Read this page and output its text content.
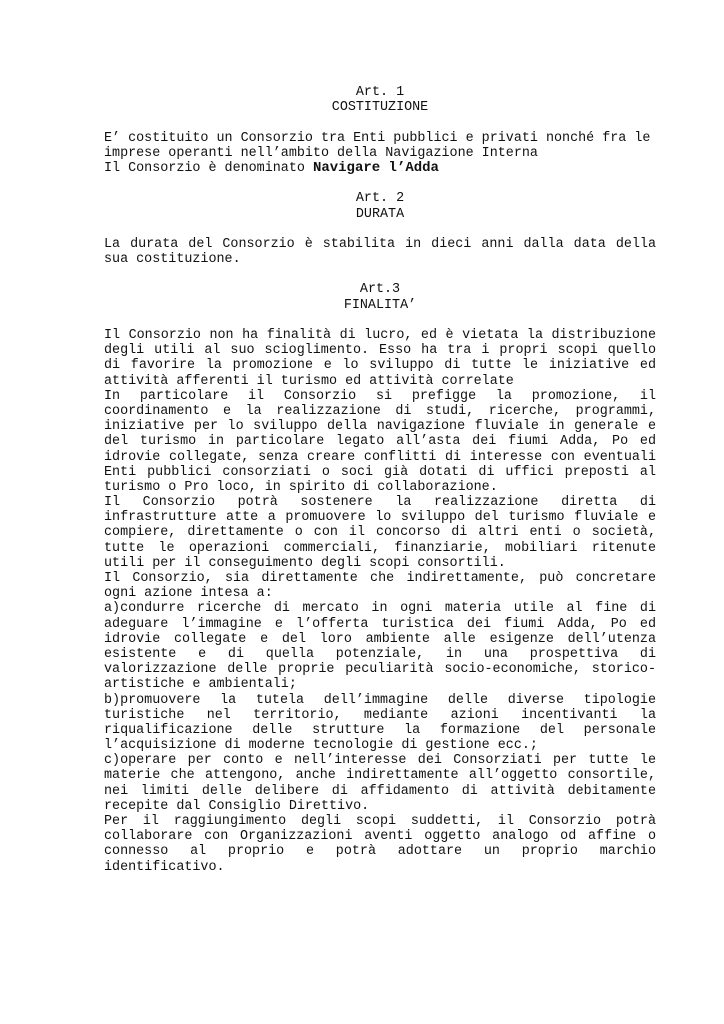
Art. 1
COSTITUZIONE
E’ costituito un Consorzio tra Enti pubblici e privati nonché fra le
imprese operanti nell’ambito della Navigazione Interna
Il Consorzio è denominato Navigare l’Adda
Art. 2
DURATA
La durata del Consorzio è stabilita in dieci anni dalla data della
sua costituzione.
Art.3
FINALITA’
Il Consorzio non ha finalità di lucro, ed è vietata la distribuzione
degli utili al suo scioglimento. Esso ha tra i propri scopi quello
di favorire la promozione e lo sviluppo di tutte le iniziative ed
attività afferenti il turismo ed attività correlate
In particolare il Consorzio si prefigge la promozione, il
coordinamento e la realizzazione di studi, ricerche, programmi,
iniziative per lo sviluppo della navigazione fluviale in generale e
del turismo in particolare legato all’asta dei fiumi Adda, Po ed
idrovie collegate, senza creare conflitti di interesse con eventuali
Enti pubblici consorziati o soci già dotati di uffici preposti al
turismo o Pro loco, in spirito di collaborazione.
Il Consorzio potrà sostenere la realizzazione diretta di
infrastrutture atte a promuovere lo sviluppo del turismo fluviale e
compiere, direttamente o con il concorso di altri enti o società,
tutte le operazioni commerciali, finanziarie, mobiliari ritenute
utili per il conseguimento degli scopi consortili.
Il Consorzio, sia direttamente che indirettamente, può concretare
ogni azione intesa a:
a)condurre ricerche di mercato in ogni materia utile al fine di
adeguare l’immagine e l’offerta turistica dei fiumi Adda, Po ed
idrovie collegate e del loro ambiente alle esigenze dell’utenza
esistente e di quella potenziale, in una prospettiva di
valorizzazione delle proprie peculiarità socio-economiche, storico-
artistiche e ambientali;
b)promuovere la tutela dell’immagine delle diverse tipologie
turistiche nel territorio, mediante azioni incentivanti la
riqualificazione delle strutture la formazione del personale
l’acquisizione di moderne tecnologie di gestione ecc.;
c)operare per conto e nell’interesse dei Consorziati per tutte le
materie che attengono, anche indirettamente all’oggetto consortile,
nei limiti delle delibere di affidamento di attività debitamente
recepite dal Consiglio Direttivo.
Per il raggiungimento degli scopi suddetti, il Consorzio potrà
collaborare con Organizzazioni aventi oggetto analogo od affine o
connesso al proprio e potrà adottare un proprio marchio
identificativo.
